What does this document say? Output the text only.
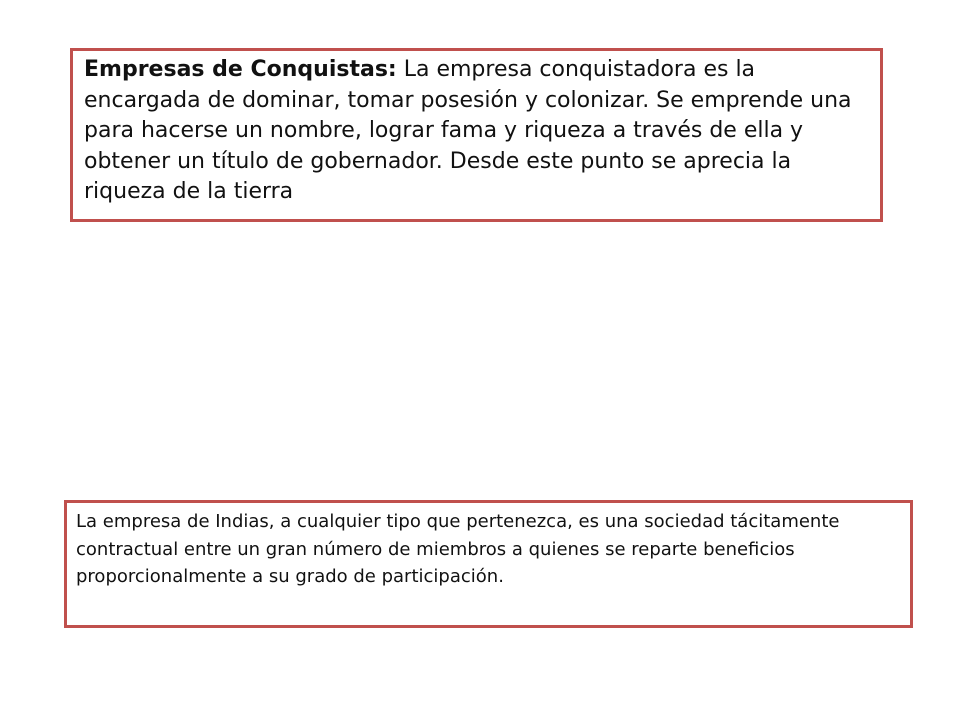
Empresas de Conquistas: La empresa conquistadora es la encargada de dominar, tomar posesión y colonizar. Se emprende una para hacerse un nombre, lograr fama y riqueza a través de ella y obtener un título de gobernador. Desde este punto se aprecia la riqueza de la tierra
La empresa de Indias, a cualquier tipo que pertenezca, es una sociedad tácitamente contractual entre un gran número de miembros a quienes se reparte beneficios proporcionalmente a su grado de participación.
